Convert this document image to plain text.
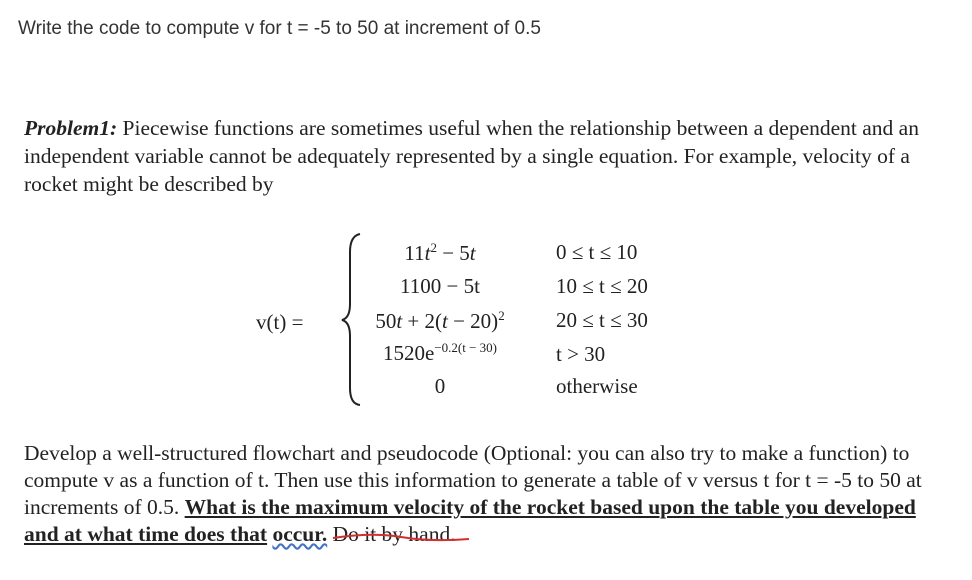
Write the code to compute v for t = -5 to 50 at increment of 0.5
Problem1: Piecewise functions are sometimes useful when the relationship between a dependent and an independent variable cannot be adequately represented by a single equation. For example, velocity of a rocket might be described by
v(t) =
$11t^2 - 5t$	0 ≤ t ≤ 10
1100 − 5t	10 ≤ t ≤ 20
$50t + 2(t - 20)^2$	20 ≤ t ≤ 30
$1520e^{-0.2(t - 30)}$	t > 30
0	otherwise
Develop a well-structured flowchart and pseudocode (Optional: you can also try to make a function) to compute v as a function of t. Then use this information to generate a table of v versus t for t = -5 to 50 at increments of 0.5. What is the maximum velocity of the rocket based upon the table you developed and at what time does that occur. Do it by hand.
